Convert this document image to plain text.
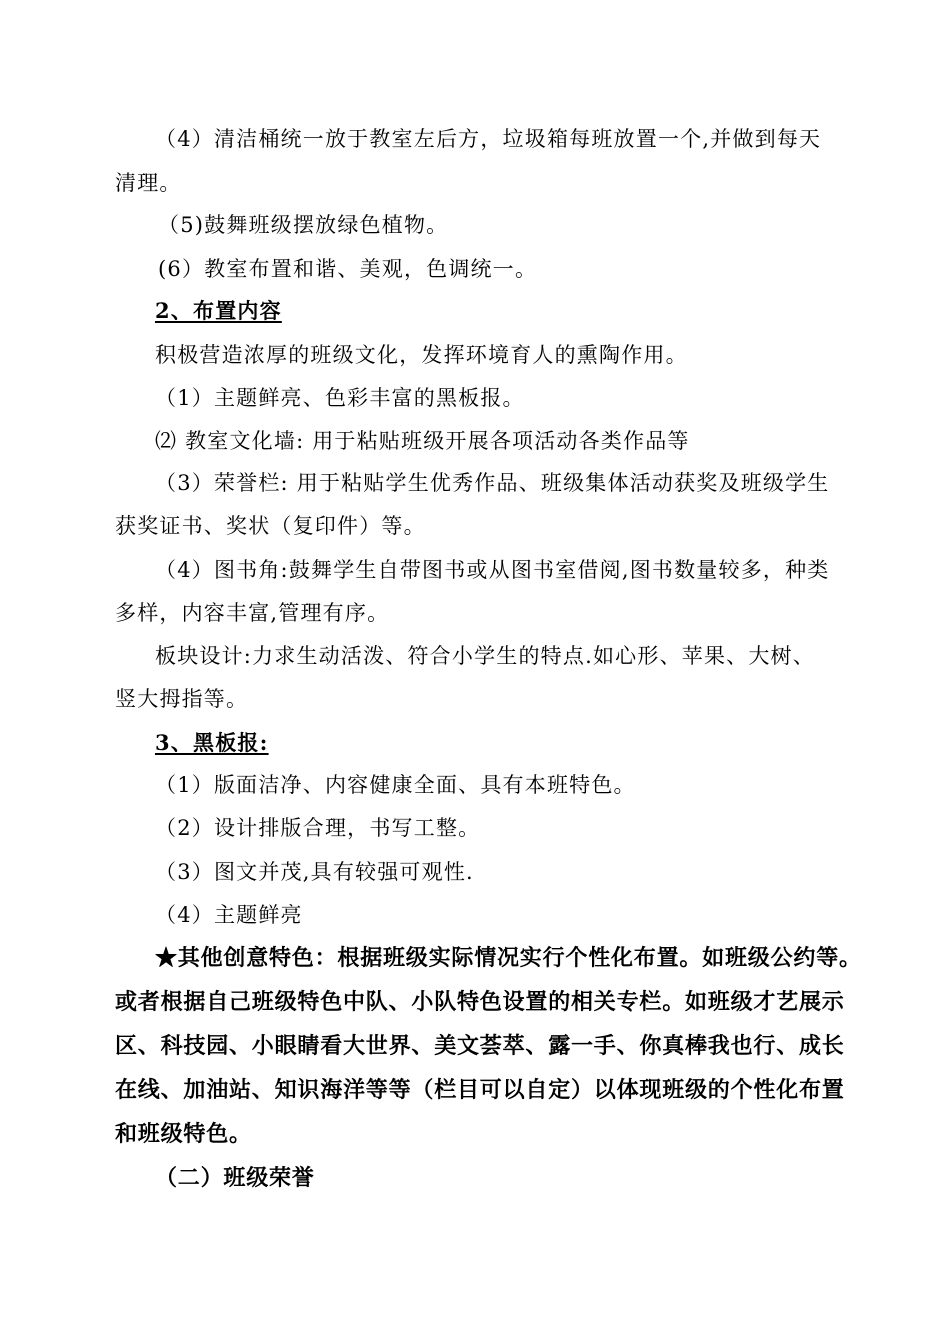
（4）清洁桶统一放于教室左后方，垃圾箱每班放置一个,并做到每天
清理。
（5)鼓舞班级摆放绿色植物。
(6）教室布置和谐、美观，色调统一。
2、布置内容
积极营造浓厚的班级文化，发挥环境育人的熏陶作用。
（1）主题鲜亮、色彩丰富的黑板报。
⑵ 教室文化墙: 用于粘贴班级开展各项活动各类作品等
（3）荣誉栏: 用于粘贴学生优秀作品、班级集体活动获奖及班级学生
获奖证书、奖状（复印件）等。
（4）图书角:鼓舞学生自带图书或从图书室借阅,图书数量较多，种类
多样，内容丰富,管理有序。
板块设计:力求生动活泼、符合小学生的特点.如心形、苹果、大树、
竖大拇指等。
3、黑板报:
（1）版面洁净、内容健康全面、具有本班特色。
（2）设计排版合理，书写工整。
（3）图文并茂,具有较强可观性.
（4）主题鲜亮
★其他创意特色：根据班级实际情况实行个性化布置。如班级公约等。
或者根据自己班级特色中队、小队特色设置的相关专栏。如班级才艺展示
区、科技园、小眼睛看大世界、美文荟萃、露一手、你真棒我也行、成长
在线、加油站、知识海洋等等（栏目可以自定）以体现班级的个性化布置
和班级特色。
（二）班级荣誉
